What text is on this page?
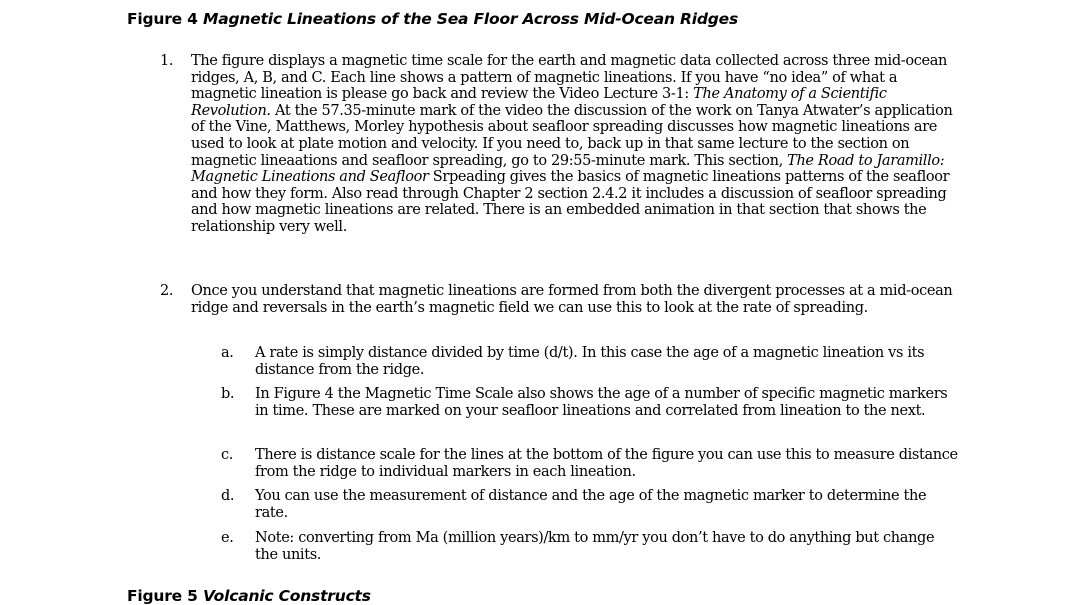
Figure 4 Magnetic Lineations of the Sea Floor Across Mid-Ocean Ridges
1. The figure displays a magnetic time scale for the earth and magnetic data collected across three mid-ocean ridges, A, B, and C. Each line shows a pattern of magnetic lineations. If you have “no idea” of what a magnetic lineation is please go back and review the Video Lecture 3-1: The Anatomy of a Scientific Revolution. At the 57.35-minute mark of the video the discussion of the work on Tanya Atwater’s application of the Vine, Matthews, Morley hypothesis about seafloor spreading discusses how magnetic lineations are used to look at plate motion and velocity. If you need to, back up in that same lecture to the section on magnetic lineaations and seafloor spreading, go to 29:55-minute mark. This section, The Road to Jaramillo: Magnetic Lineations and Seafloor Srpeading gives the basics of magnetic lineations patterns of the seafloor and how they form. Also read through Chapter 2 section 2.4.2 it includes a discussion of seafloor spreading and how magnetic lineations are related. There is an embedded animation in that section that shows the relationship very well.
2. Once you understand that magnetic lineations are formed from both the divergent processes at a mid-ocean ridge and reversals in the earth’s magnetic field we can use this to look at the rate of spreading.
a. A rate is simply distance divided by time (d/t). In this case the age of a magnetic lineation vs its distance from the ridge.
b. In Figure 4 the Magnetic Time Scale also shows the age of a number of specific magnetic markers in time. These are marked on your seafloor lineations and correlated from lineation to the next.
c. There is distance scale for the lines at the bottom of the figure you can use this to measure distance from the ridge to individual markers in each lineation.
d. You can use the measurement of distance and the age of the magnetic marker to determine the rate.
e. Note: converting from Ma (million years)/km to mm/yr you don’t have to do anything but change the units.
Figure 5 Volcanic Constructs
